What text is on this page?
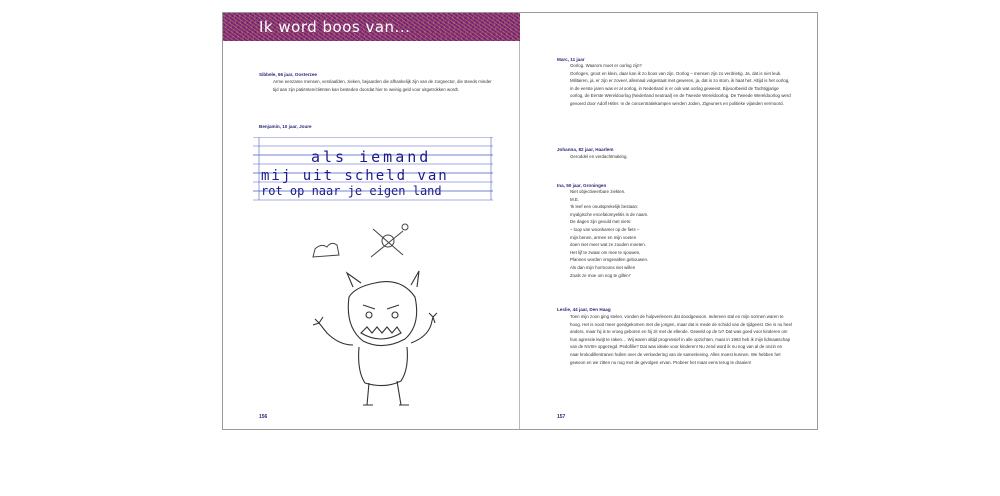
Ik word boos van...
Sibbele, 56 jaar, Oosterzee

Arme eenzame mensen, verslaafden, zieken, bejaarden die afhankelijk zijn van de zorgsector, die steeds minder tijd aan zijn patiënten/cliënten kan besteden doordat hier te weinig geld voor uitgetrokken wordt.

Benjamin, 10 jaar, Joure
als iemand
mij uit scheld van
rot op naar je eigen land
156
Marc, 11 jaar

Oorlog. Waarom moet er oorlog zijn?

Oorlogen, groot en klein, daar kan ik zo boos van zijn. Oorlog – mensen zijn zo verdrietig. Ja, dat is niet leuk. Militairen, ja, er zijn er zoveel, allemaal volgestaat met geweren, ja, dat is zo stom, ik haat het. Altijd is het oorlog, in de eerste jaren was er al oorlog, in Nederland is er ook wat oorlog geweest. Bijvoorbeeld de Tachtigjarige oorlog, de Eerste Wereldoorlog (Nederland neutraal) en de Tweede Wereldoorlog. De Tweede Wereldoorlog werd gevoerd door Adolf Hitler. In de concentratiekampen werden Joden, Zigeuners en politieke vijanden vermoord.

Johanna, 82 jaar, Haarlem

Geroddel en verdachtmaking.

Ina, 50 jaar, Groningen

Niet objectiveerbare ziekten.

M.E.

'Ik leef een onuitsprekelijk bestaan:

myalgische encefalomyelitis is de naam.

De dagen zijn gevuld met niets:

– loop van woonkamer op de fiets –

mijn benen, armen en mijn voeten

doen niet meer wat ze zouden moeten.

Het lijf te zwaar om mee te sjouwen,

Plannen worden omgevallen gebouwen.

Als dan mijn hormoons niet willen

Zoals ze moe om nog te gillen!'

Leslie, 44 jaar, Den Haag

Toen mijn zoon ging stelen, vonden de hulpverleners dat doodgewoon. Iedereen stal en mijn normen waren te hoog. Het is nooit meer goedgekomen met die jongen, maar dat is mede de schuld van de tijdgeest. Die is nu heel anders, maar hij is te vroeg geboren en hij zit met de ellende. Geweld op de tv? Dat was goed voor kinderen om hun agressie kwijt te raken… Wij waren altijd progressief in alle opzichten, maar in 1963 heb ik mijn lidmaatschap van de NVSH opgezegd. Pedofilie? Dat was ideale voor kinderen! Nu zend word ik nu nog van al de onzin en naar krokodillentranen hullen over de verloedering van de samenleving. Alles moest kunnen. We hebben het gewoon en we zitten nu nog met de gevolgen ervan. Probeer het maar eens terug te draaien!

157
